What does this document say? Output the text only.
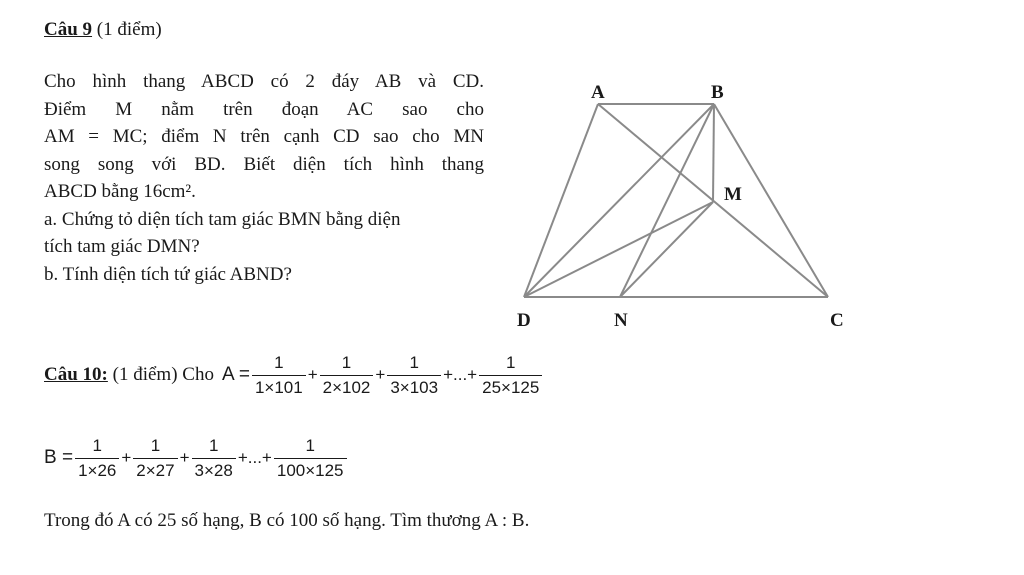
Câu 9 (1 điểm)
Cho hình thang ABCD có 2 đáy AB và CD.
Điểm M nằm trên đoạn AC sao cho
AM = MC; điểm N trên cạnh CD sao cho MN
song song với BD. Biết diện tích hình thang
ABCD bằng 16cm².
a. Chứng tỏ diện tích tam giác BMN bằng diện
tích tam giác DMN?
b. Tính diện tích tứ giác ABND?
A	B
M
D	N	C
Câu 10: (1 điểm) Cho $A = \frac{1}{1\times 101} + \frac{1}{2\times 102} + \frac{1}{3\times 103}$ +...+ $\frac{1}{25\times 125}$
$B = \frac{1}{1\times 26} + \frac{1}{2\times 27} + \frac{1}{3\times 28}$ +...+ $\frac{1}{100\times 125}$
Trong đó A có 25 số hạng, B có 100 số hạng. Tìm thương A : B.
